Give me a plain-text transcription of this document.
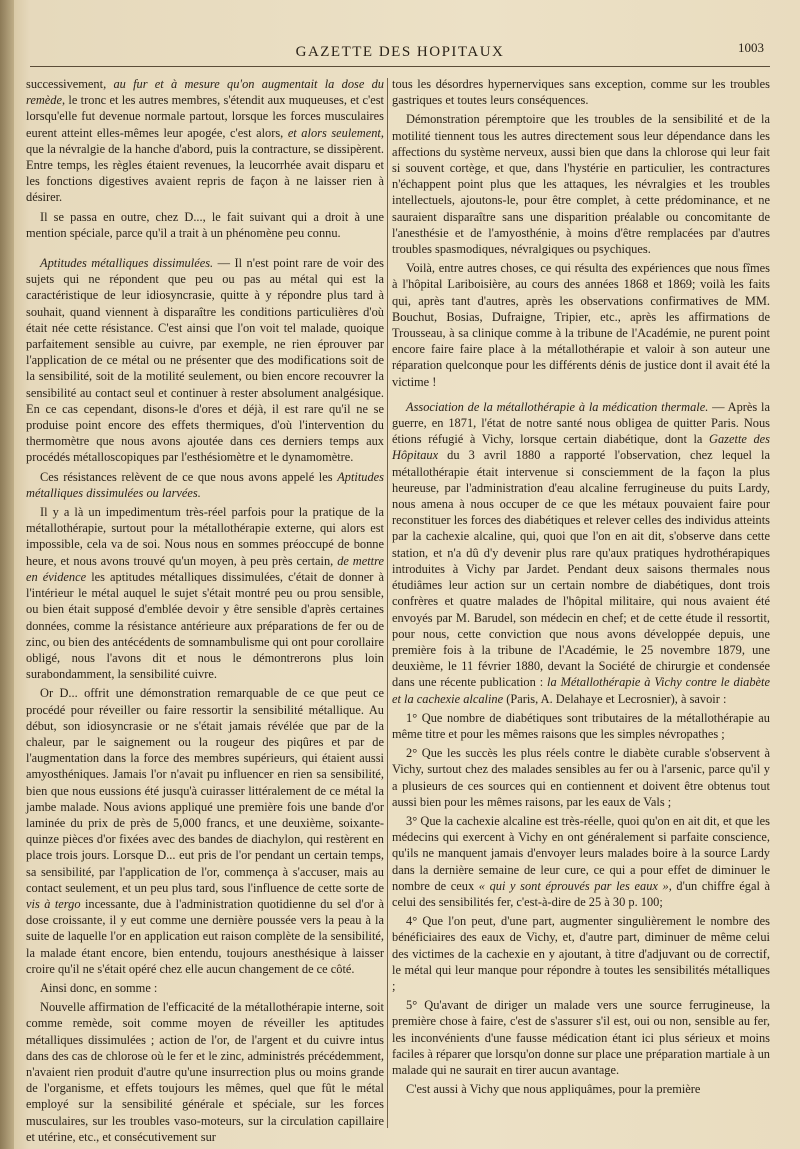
GAZETTE DES HOPITAUX	1003

successivement, au fur et à mesure qu'on augmentait la dose du remède, le tronc et les autres membres, s'étendit aux muqueuses, et c'est lorsqu'elle fut devenue normale partout, lorsque les forces musculaires eurent atteint elles-mêmes leur apogée, c'est alors, et alors seulement, que la névralgie de la hanche d'abord, puis la contracture, se dissipèrent. Entre temps, les règles étaient revenues, la leucorrhée avait disparu et les fonctions digestives avaient repris de façon à ne laisser rien à désirer.

Il se passa en outre, chez D..., le fait suivant qui a droit à une mention spéciale, parce qu'il a trait à un phénomène peu connu.

Aptitudes métalliques dissimulées. — Il n'est point rare de voir des sujets qui ne répondent que peu ou pas au métal qui est la caractéristique de leur idiosyncrasie, quitte à y répondre plus tard à souhait, quand viennent à disparaître les conditions particulières d'où était née cette résistance. C'est ainsi que l'on voit tel malade, quoique parfaitement sensible au cuivre, par exemple, ne rien éprouver par l'application de ce métal ou ne présenter que des modifications soit de la sensibilité, soit de la motilité seulement, ou bien encore recouvrer la sensibilité au contact seul et continuer à rester absolument analgésique. En ce cas cependant, disons-le d'ores et déjà, il est rare qu'il ne se produise point encore des effets thermiques, d'où l'intervention du thermomètre que nous avons ajoutée dans ces derniers temps aux procédés métalloscopiques par l'esthésiomètre et le dynamomètre.

Ces résistances relèvent de ce que nous avons appelé les Aptitudes métalliques dissimulées ou larvées.

Il y a là un impedimentum très-réel parfois pour la pratique de la métallothérapie, surtout pour la métallothérapie externe, qui alors est impossible, cela va de soi. Nous nous en sommes préoccupé de bonne heure, et nous avons trouvé qu'un moyen, à peu près certain, de mettre en évidence les aptitudes métalliques dissimulées, c'était de donner à l'intérieur le métal auquel le sujet s'était montré peu ou prou sensible, ou bien était supposé d'emblée devoir y être sensible d'après certaines données, comme la résistance antérieure aux préparations de fer ou de zinc, ou bien des antécédents de somnambulisme qui ont pour corollaire obligé, nous l'avons dit et nous le démontrerons plus loin surabondamment, la sensibilité cuivre.

Or D... offrit une démonstration remarquable de ce que peut ce procédé pour réveiller ou faire ressortir la sensibilité métallique. Au début, son idiosyncrasie or ne s'était jamais révélée que par de la chaleur, par le saignement ou la rougeur des piqûres et par de l'augmentation dans la force des membres supérieurs, qui étaient aussi amyosthéniques. Jamais l'or n'avait pu influencer en rien sa sensibilité, bien que nous eussions été jusqu'à cuirasser littéralement de ce métal la jambe malade. Nous avions appliqué une première fois une bande d'or laminée du prix de près de 5,000 francs, et une deuxième, soixante-quinze pièces d'or fixées avec des bandes de diachylon, qui restèrent en place trois jours. Lorsque D... eut pris de l'or pendant un certain temps, sa sensibilité, par l'application de l'or, commença à s'accuser, mais au contact seulement, et un peu plus tard, sous l'influence de cette sorte de vis à tergo incessante, due à l'administration quotidienne du sel d'or à dose croissante, il y eut comme une dernière poussée vers la peau à la suite de laquelle l'or en application eut raison complète de la sensibilité, la malade étant encore, bien entendu, toujours anesthésique à laisser croire qu'il ne s'était opéré chez elle aucun changement de ce côté.

Ainsi donc, en somme :

Nouvelle affirmation de l'efficacité de la métallothérapie interne, soit comme remède, soit comme moyen de réveiller les aptitudes métalliques dissimulées ; action de l'or, de l'argent et du cuivre intus dans des cas de chlorose où le fer et le zinc, administrés précédemment, n'avaient rien produit d'autre qu'une insurrection plus ou moins grande de l'organisme, et effets toujours les mêmes, quel que fût le métal employé sur la sensibilité générale et spéciale, sur les forces musculaires, sur les troubles vaso-moteurs, sur la circulation capillaire et utérine, etc., et consécutivement sur

tous les désordres hypernerviques sans exception, comme sur les troubles gastriques et toutes leurs conséquences.

Démonstration péremptoire que les troubles de la sensibilité et de la motilité tiennent tous les autres directement sous leur dépendance dans les affections du système nerveux, aussi bien que dans la chlorose qui leur fait si souvent cortège, et que, dans l'hystérie en particulier, les contractures n'échappent point plus que les attaques, les névralgies et les troubles intellectuels, ajoutons-le, pour être complet, à cette prédominance, et ne sauraient disparaître sans une disparition préalable ou concomitante de l'anesthésie et de l'amyosthénie, à moins d'être remplacées par d'autres troubles spasmodiques, névralgiques ou psychiques.

Voilà, entre autres choses, ce qui résulta des expériences que nous fîmes à l'hôpital Lariboisière, au cours des années 1868 et 1869; voilà les faits qui, après tant d'autres, après les observations confirmatives de MM. Bouchut, Bosias, Dufraigne, Tripier, etc., après les affirmations de Trousseau, à sa clinique comme à la tribune de l'Académie, ne purent point encore faire faire place à la métallothérapie et valoir à son auteur une réparation quelconque pour les différents dénis de justice dont il avait été la victime !

Association de la métallothérapie à la médication thermale. — Après la guerre, en 1871, l'état de notre santé nous obligea de quitter Paris. Nous étions réfugié à Vichy, lorsque certain diabétique, dont la Gazette des Hôpitaux du 3 avril 1880 a rapporté l'observation, chez lequel la métallothérapie était intervenue si consciemment de la façon la plus heureuse, par l'administration d'eau alcaline ferrugineuse du puits Lardy, nous amena à nous occuper de ce que les métaux pouvaient faire pour reconstituer les forces des diabétiques et relever celles des individus atteints par la cachexie alcaline, qui, quoi que l'on en ait dit, s'observe dans cette station, et n'a dû d'y devenir plus rare qu'aux pratiques hydrothérapiques introduites à Vichy par Jardet. Pendant deux saisons thermales nous étudiâmes leur action sur un certain nombre de diabétiques, dont trois confrères et quatre malades de l'hôpital militaire, qui nous avaient été envoyés par M. Barudel, son médecin en chef; et de cette étude il ressortit, pour nous, cette conviction que nous avons développée depuis, une première fois à la tribune de l'Académie, le 25 novembre 1879, une deuxième, le 11 février 1880, devant la Société de chirurgie et condensée dans une récente publication : la Métallothérapie à Vichy contre le diabète et la cachexie alcaline (Paris, A. Delahaye et Lecrosnier), à savoir :

1° Que nombre de diabétiques sont tributaires de la métallothérapie au même titre et pour les mêmes raisons que les simples névropathes ;

2° Que les succès les plus réels contre le diabète curable s'observent à Vichy, surtout chez des malades sensibles au fer ou à l'arsenic, parce qu'il y a plusieurs de ces sources qui en contiennent et doivent être obtenus tout aussi bien pour les mêmes raisons, par les eaux de Vals ;

3° Que la cachexie alcaline est très-réelle, quoi qu'on en ait dit, et que les médecins qui exercent à Vichy en ont généralement si parfaite conscience, qu'ils ne manquent jamais d'envoyer leurs malades boire à la source Lardy dans la dernière semaine de leur cure, ce qui a pour effet de diminuer le nombre de ceux « qui y sont éprouvés par les eaux », d'un chiffre égal à celui des sensibilités fer, c'est-à-dire de 25 à 30 p. 100;

4° Que l'on peut, d'une part, augmenter singulièrement le nombre des bénéficiaires des eaux de Vichy, et, d'autre part, diminuer de même celui des victimes de la cachexie en y ajoutant, à titre d'adjuvant ou de correctif, le métal qui leur manque pour répondre à toutes les sensibilités métalliques ;

5° Qu'avant de diriger un malade vers une source ferrugineuse, la première chose à faire, c'est de s'assurer s'il est, oui ou non, sensible au fer, les inconvénients d'une fausse médication étant ici plus sérieux et moins faciles à réparer que lorsqu'on donne sur place une préparation martiale à un malade qui ne saurait en tirer aucun avantage.

C'est aussi à Vichy que nous appliquâmes, pour la première
